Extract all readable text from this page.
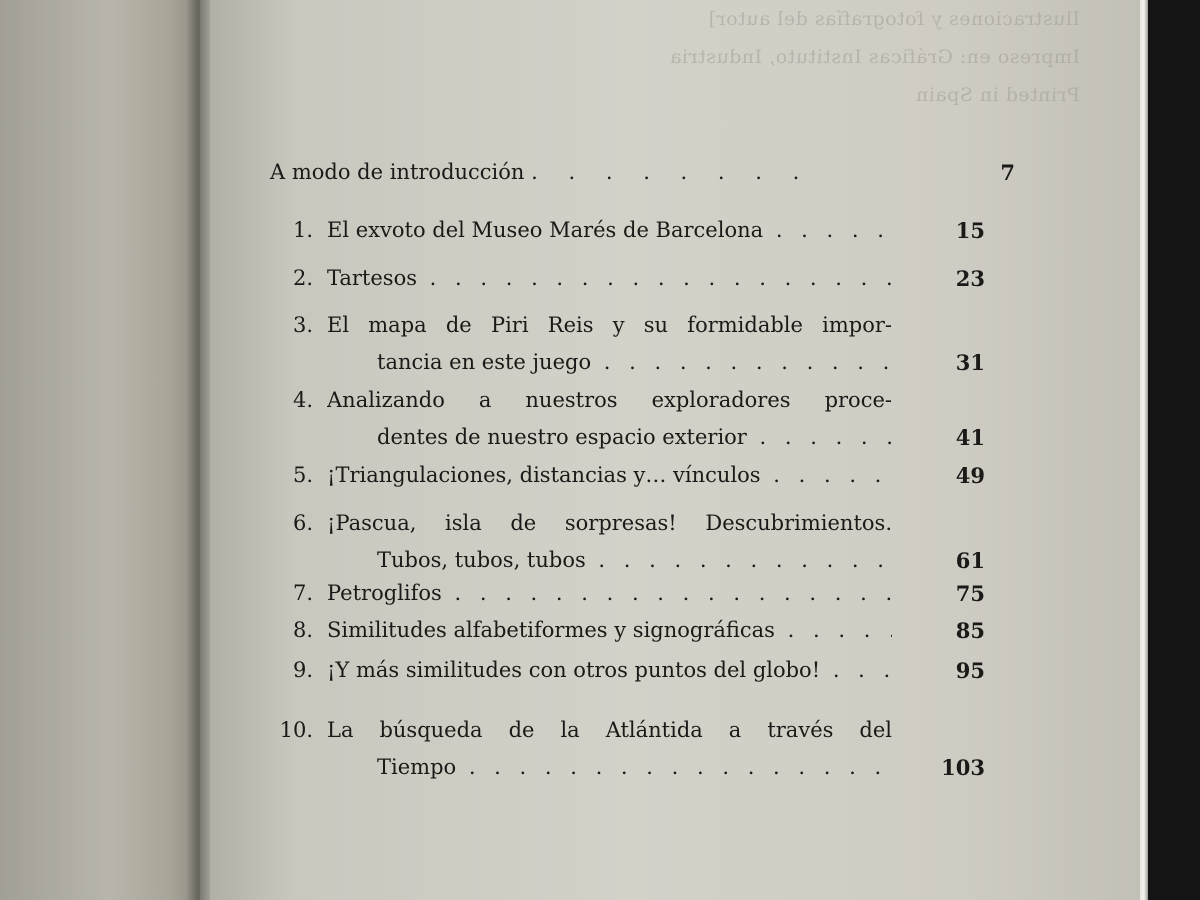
Ilustraciones y fotografías del autor]
Impreso en: Gráficas Instituto, Industria
Printed in Spain
A modo de introducción . . . . . . . .	7
1. El exvoto del Museo Marés de Barcelona . .	15
2. Tartesos . .	23
3. El mapa de Piri Reis y su formidable impor-
tancia en este juego . .	31
4. Analizando a nuestros exploradores proce-
dentes de nuestro espacio exterior . .	41
5. ¡Triangulaciones, distancias y… vínculos . .	49
6. ¡Pascua, isla de sorpresas! Descubrimientos.
Tubos, tubos, tubos . .	61
7. Petroglifos . .	75
8. Similitudes alfabetiformes y signográficas . .	85
9. ¡Y más similitudes con otros puntos del globo! . .	95
10. La búsqueda de la Atlántida a través del
Tiempo . .	103
